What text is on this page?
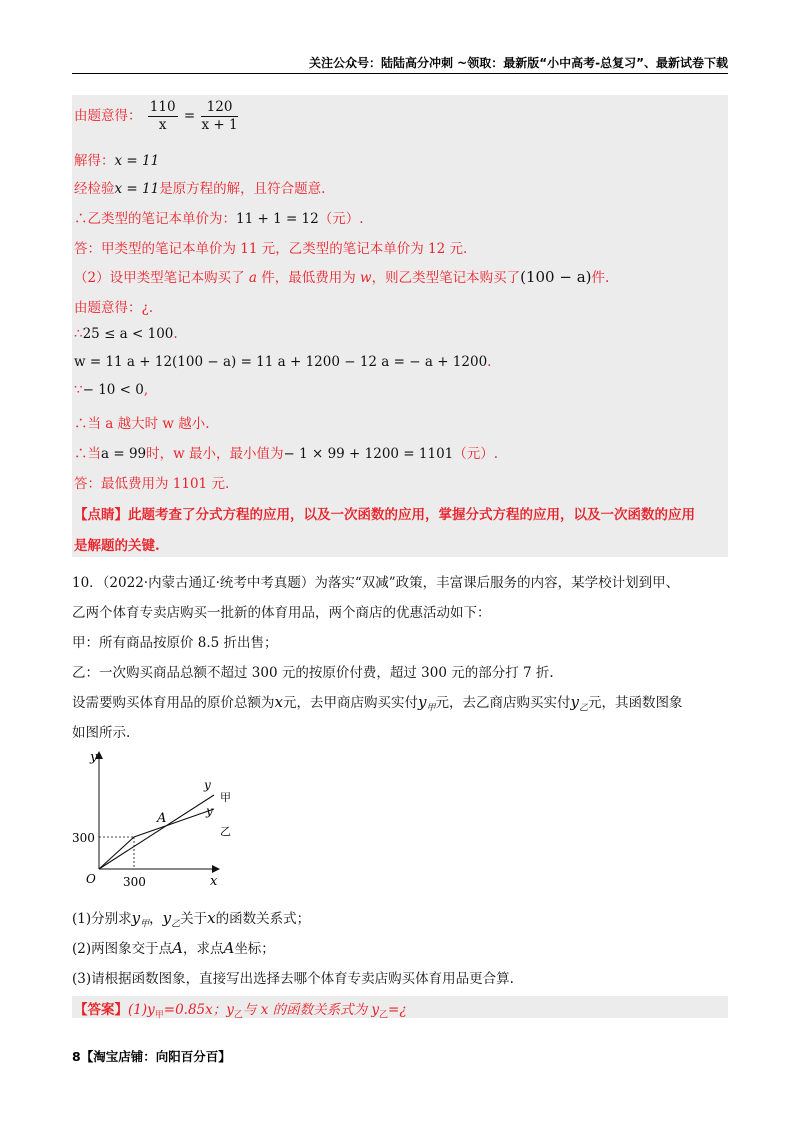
关注公众号：陆陆高分冲刺 ~领取：最新版“小中高考-总复习”、最新试卷下载
由题意得： $\frac{110}{x} = \frac{120}{x + 1}$
解得：x = 11
经检验x = 11是原方程的解，且符合题意.
∴乙类型的笔记本单价为：11 + 1 = 12（元）.
答：甲类型的笔记本单价为 11 元，乙类型的笔记本单价为 12 元.
（2）设甲类型笔记本购买了 a 件，最低费用为 w，则乙类型笔记本购买了(100 − a)件.
由题意得：¿.
∴25 ≤ a < 100.
w = 11 a + 12(100 − a) = 11 a + 1200 − 12 a = − a + 1200.
∵− 10 < 0,
∴当 a 越大时 w 越小.
∴当a = 99时，w 最小，最小值为− 1 × 99 + 1200 = 1101（元）.
答：最低费用为 1101 元.
【点睛】此题考查了分式方程的应用，以及一次函数的应用，掌握分式方程的应用，以及一次函数的应用
是解题的关键.
10．（2022·内蒙古通辽·统考中考真题）为落实“双减”政策，丰富课后服务的内容，某学校计划到甲、
乙两个体育专卖店购买一批新的体育用品，两个商店的优惠活动如下：
甲：所有商品按原价 8.5 折出售；
乙：一次购买商品总额不超过 300 元的按原价付费，超过 300 元的部分打 7 折.
设需要购买体育用品的原价总额为x元，去甲商店购买实付$y_甲$元，去乙商店购买实付$y_乙$元，其函数图象
如图所示.
y
x
O
A
300
300
y
甲
y
乙
(1)分别求$y_甲$，$y_乙$关于x的函数关系式；
(2)两图象交于点A，求点A坐标；
(3)请根据函数图象，直接写出选择去哪个体育专卖店购买体育用品更合算.
【答案】$(1)y_甲=0.85x$；$y_乙$与 x 的函数关系式为 $y_乙=¿$
8【淘宝店铺：向阳百分百】
